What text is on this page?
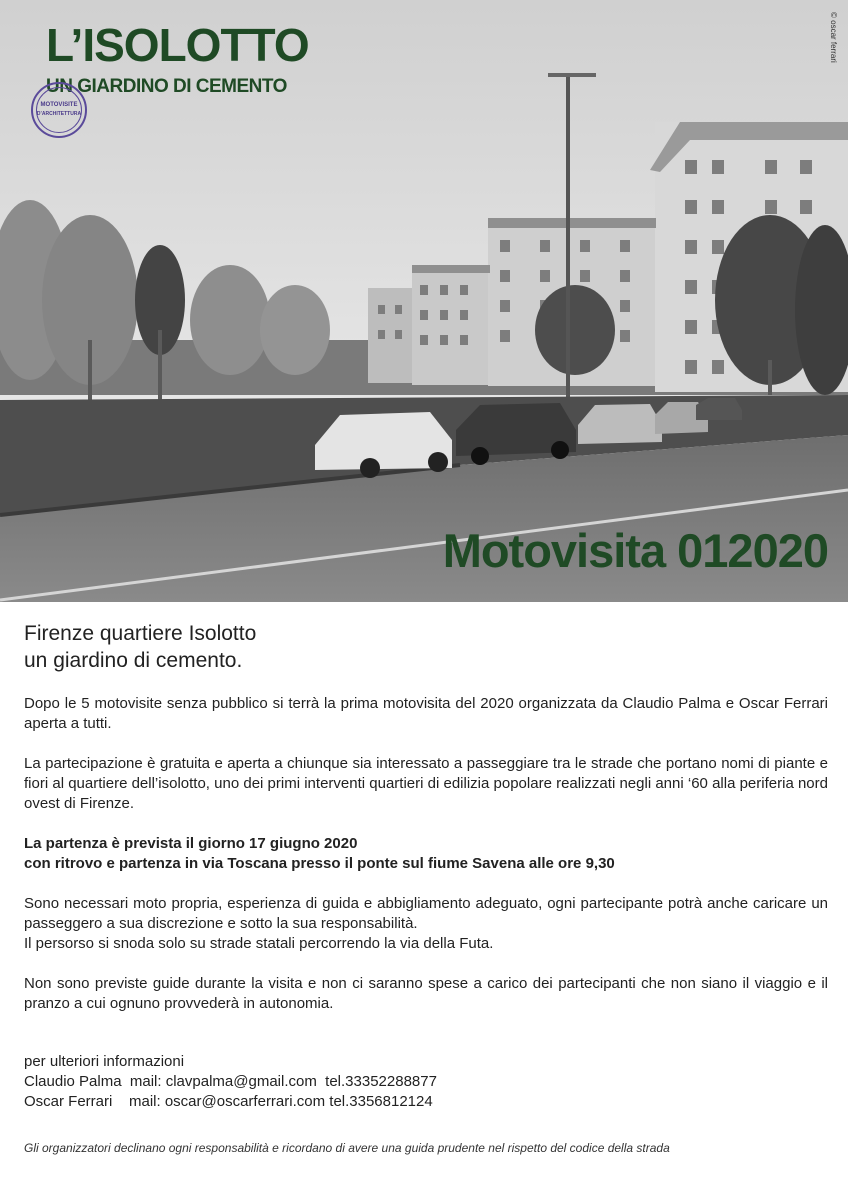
L’ISOLOTTO
UN GIARDINO DI CEMENTO
MOTOVISITE
D’ARCHITETTURA
© oscar ferrari
Motovisita 012020
Firenze quartiere Isolotto
un giardino di cemento.
Dopo le 5 motovisite senza pubblico si terrà la prima motovisita del 2020 organizzata da Claudio Palma e Oscar Ferrari aperta a tutti.
La partecipazione è gratuita e aperta a chiunque sia interessato a passeggiare tra le strade che portano nomi di piante e fiori al quartiere dell’isolotto, uno dei primi interventi quartieri di edilizia popolare realizzati negli anni ‘60 alla periferia nord ovest di Firenze.
La partenza è prevista il giorno 17 giugno 2020
con ritrovo e partenza in via Toscana presso il ponte sul fiume Savena alle ore 9,30
Sono necessari moto propria, esperienza di guida e abbigliamento adeguato, ogni partecipante potrà anche caricare un passeggero a sua discrezione e sotto la sua responsabilità.
Il persorso si snoda solo su strade statali percorrendo la via della Futa.
Non sono previste guide durante la visita e non ci saranno spese a carico dei partecipanti che non siano il viaggio e il pranzo a cui ognuno provvederà in autonomia.
per ulteriori informazioni
Claudio Palma  mail: clavpalma@gmail.com  tel.33352288877
Oscar Ferrari    mail: oscar@oscarferrari.com tel.3356812124
Gli organizzatori declinano ogni responsabilità e ricordano di avere una guida prudente nel rispetto del codice della strada
